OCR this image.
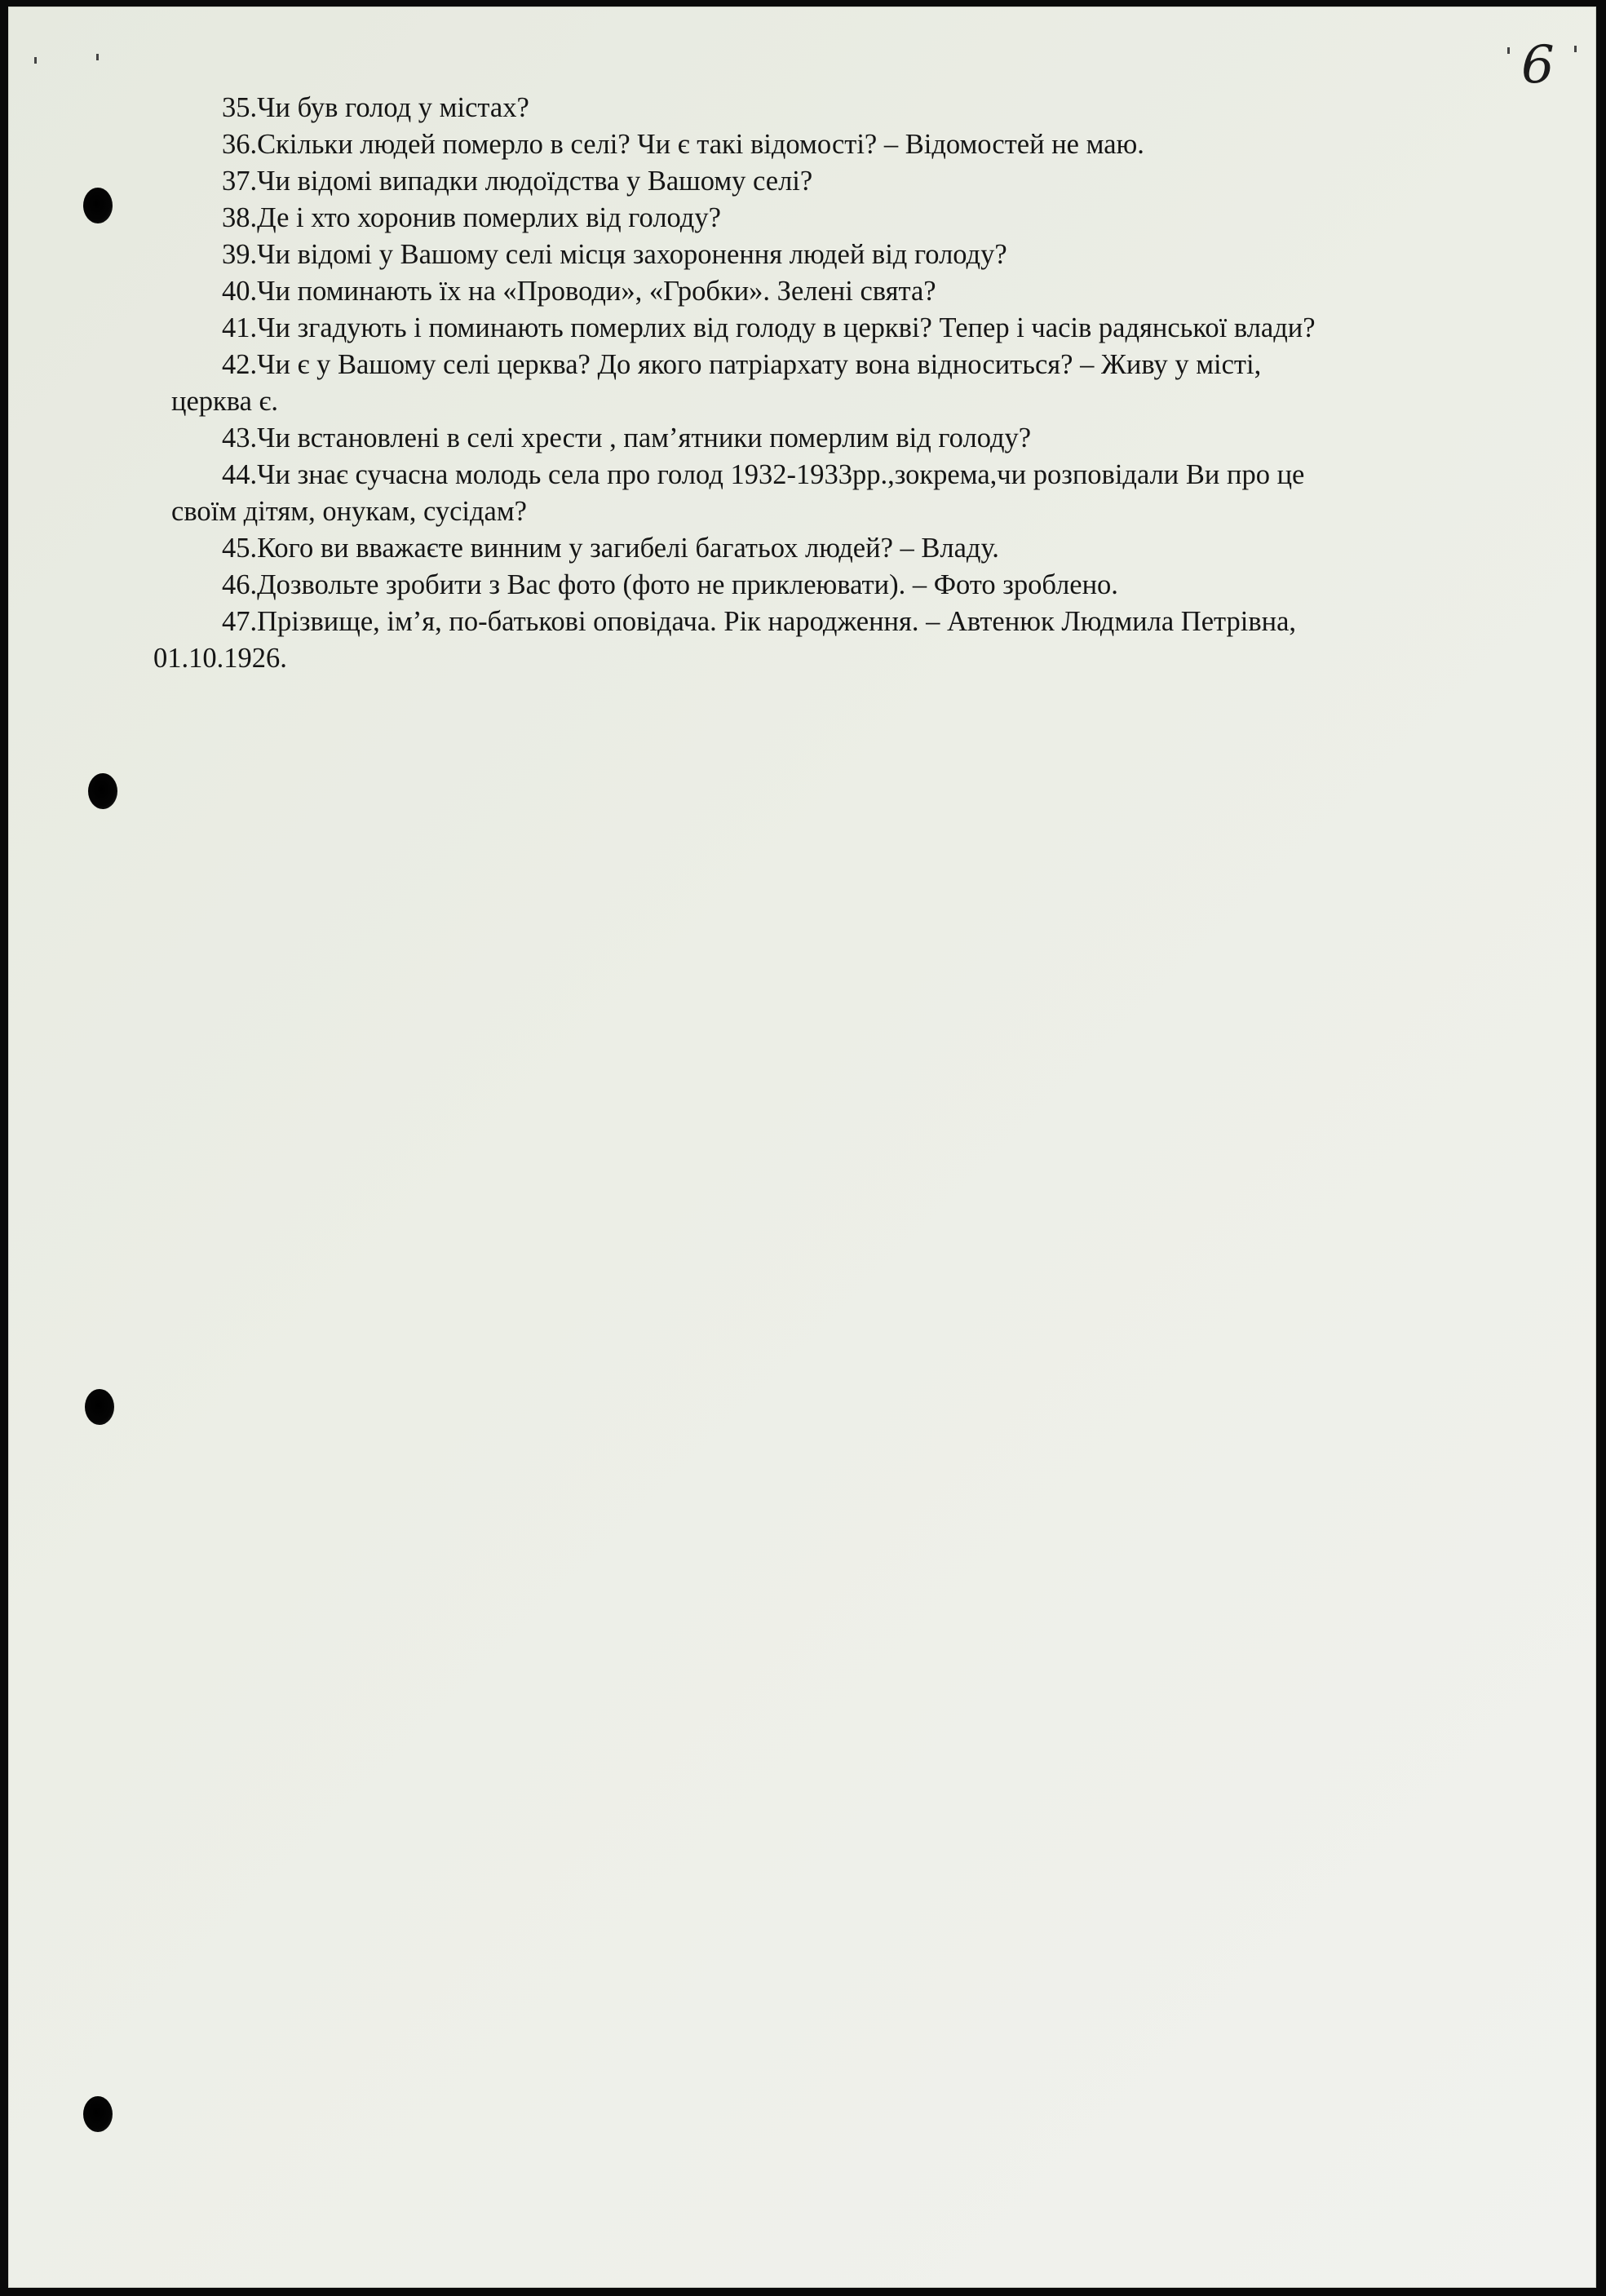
6

35.Чи був голод у містах?

36.Скільки людей померло в селі? Чи є такі відомості? – Відомостей не маю.

37.Чи відомі випадки людоїдства у Вашому селі?

38.Де і хто хоронив померлих від голоду?

39.Чи відомі у Вашому селі місця захоронення людей від голоду?

40.Чи поминають їх на «Проводи», «Гробки». Зелені свята?

41.Чи згадують і поминають померлих від голоду в церкві? Тепер і часів радянської влади?

42.Чи є у Вашому селі церква? До якого патріархату вона відноситься? – Живу у місті,
церква є.

43.Чи встановлені в селі хрести , пам’ятники померлим від голоду?

44.Чи знає сучасна молодь села про голод 1932-1933рр.,зокрема,чи розповідали Ви про це
своїм дітям, онукам, сусідам?

45.Кого ви вважаєте винним у загибелі багатьох людей? – Владу.

46.Дозвольте зробити з Вас фото (фото не приклеювати). – Фото зроблено.

47.Прізвище, ім’я, по-батькові оповідача. Рік народження. – Автенюк Людмила Петрівна,
01.10.1926.
